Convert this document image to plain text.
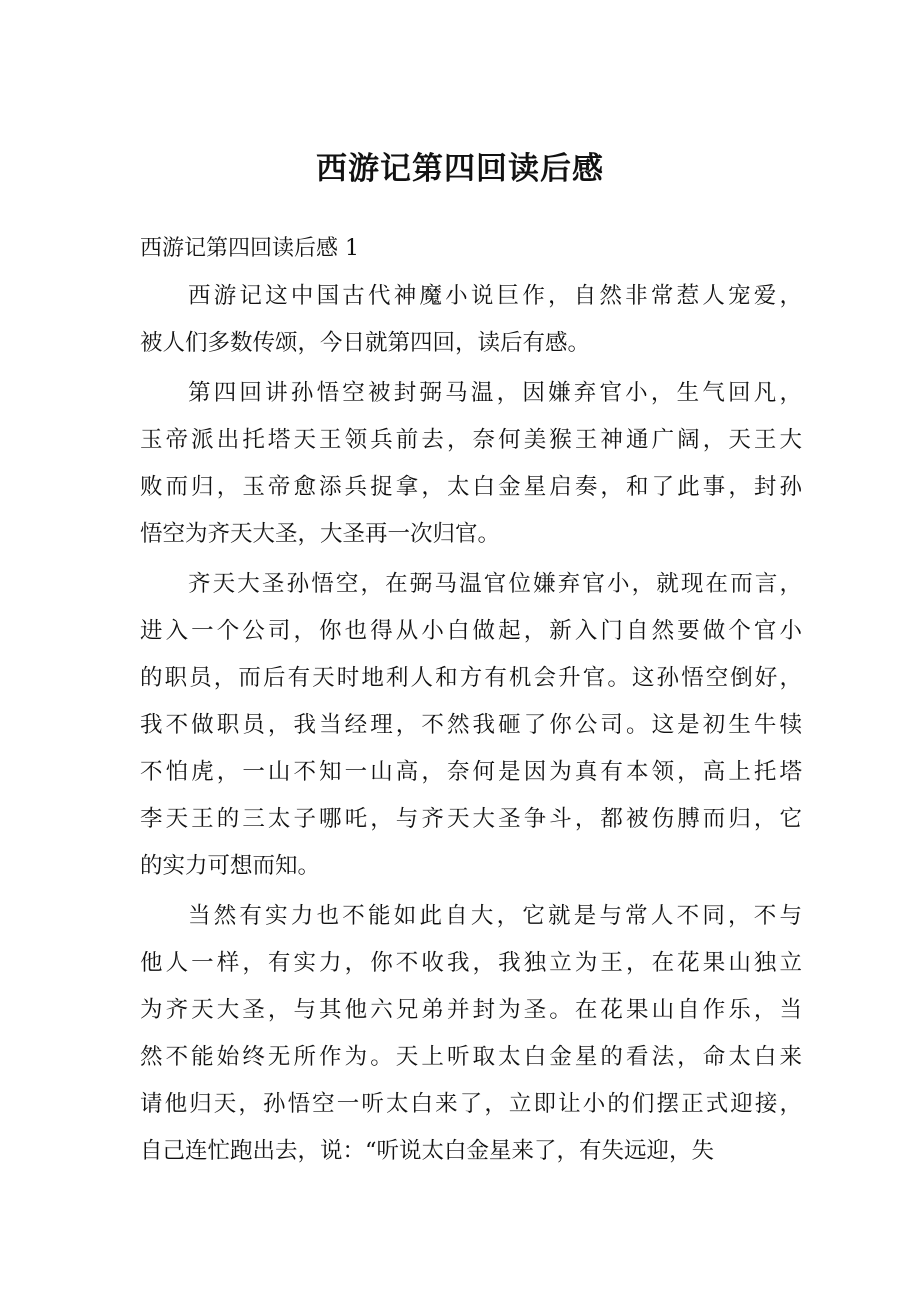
西游记第四回读后感
西游记第四回读后感 1
西游记这中国古代神魔小说巨作，自然非常惹人宠爱，
被人们多数传颂，今日就第四回，读后有感。
第四回讲孙悟空被封弼马温，因嫌弃官小，生气回凡，
玉帝派出托塔天王领兵前去，奈何美猴王神通广阔，天王大
败而归，玉帝愈添兵捉拿，太白金星启奏，和了此事，封孙
悟空为齐天大圣，大圣再一次归官。
齐天大圣孙悟空，在弼马温官位嫌弃官小，就现在而言，
进入一个公司，你也得从小白做起，新入门自然要做个官小
的职员，而后有天时地利人和方有机会升官。这孙悟空倒好，
我不做职员，我当经理，不然我砸了你公司。这是初生牛犊
不怕虎，一山不知一山高，奈何是因为真有本领，高上托塔
李天王的三太子哪吒，与齐天大圣争斗，都被伤膊而归，它
的实力可想而知。
当然有实力也不能如此自大，它就是与常人不同，不与
他人一样，有实力，你不收我，我独立为王，在花果山独立
为齐天大圣，与其他六兄弟并封为圣。在花果山自作乐，当
然不能始终无所作为。天上听取太白金星的看法，命太白来
请他归天，孙悟空一听太白来了，立即让小的们摆正式迎接，
自己连忙跑出去，说：“听说太白金星来了，有失远迎，失
